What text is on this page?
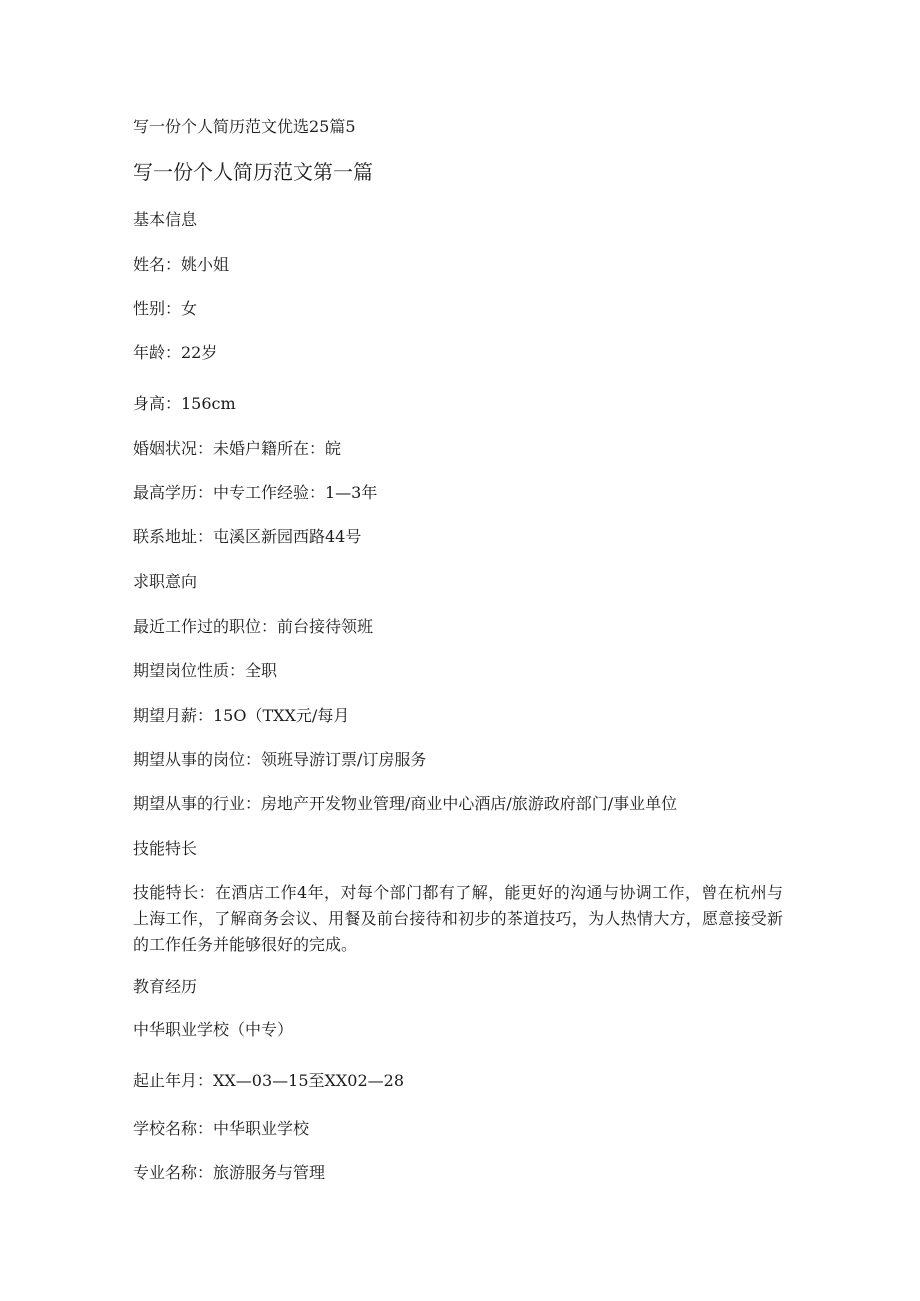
写一份个人简历范文优选25篇5
写一份个人简历范文第一篇
基本信息
姓名：姚小姐
性别：女
年龄：22岁
身高：156cm
婚姻状况：未婚户籍所在：皖
最高学历：中专工作经验：1—3年
联系地址：屯溪区新园西路44号
求职意向
最近工作过的职位：前台接待领班
期望岗位性质：全职
期望月薪：15O（TXX元/每月
期望从事的岗位：领班导游订票/订房服务
期望从事的行业：房地产开发物业管理/商业中心酒店/旅游政府部门/事业单位
技能特长
技能特长：在酒店工作4年，对每个部门都有了解，能更好的沟通与协调工作，曾在杭州与上海工作，了解商务会议、用餐及前台接待和初步的茶道技巧，为人热情大方，愿意接受新的工作任务并能够很好的完成。
教育经历
中华职业学校（中专）
起止年月：XX—03—15至XX02—28
学校名称：中华职业学校
专业名称：旅游服务与管理
